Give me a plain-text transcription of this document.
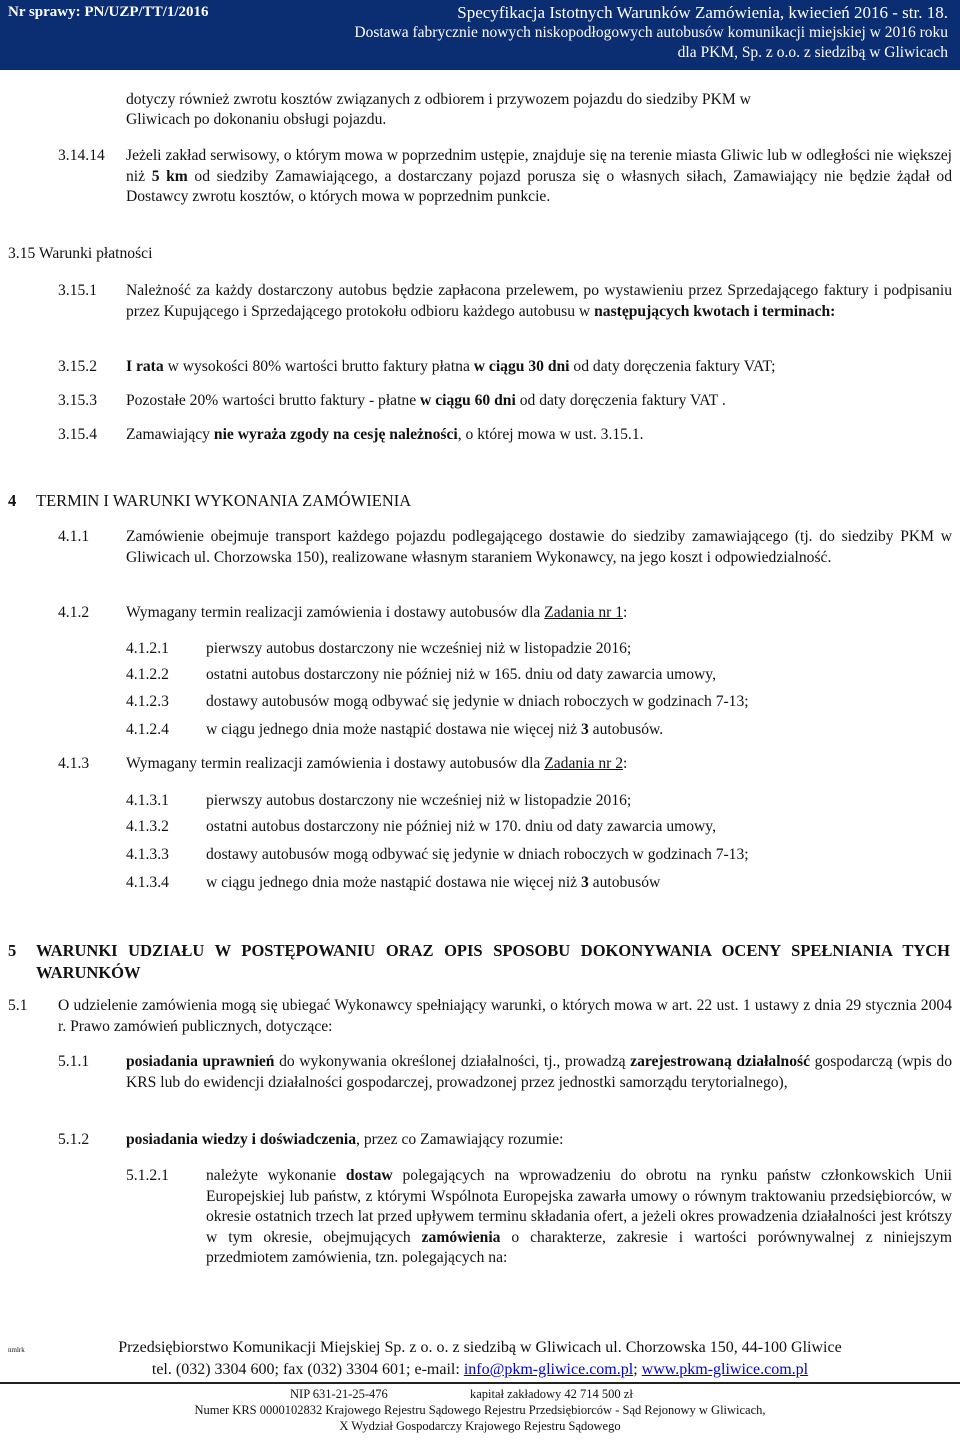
Nr sprawy: PN/UZP/TT/1/2016	Specyfikacja Istotnych Warunków Zamówienia, kwiecień 2016 - str. 18.
Dostawa fabrycznie nowych niskopodłogowych autobusów komunikacji miejskiej w 2016 roku
dla PKM, Sp. z o.o. z siedzibą w Gliwicach
dotyczy również zwrotu kosztów związanych z odbiorem i przywozem pojazdu do siedziby PKM w
Gliwicach po dokonaniu obsługi pojazdu.
3.14.14 Jeżeli zakład serwisowy, o którym mowa w poprzednim ustępie, znajduje się na terenie miasta Gliwic lub w odległości nie większej niż 5 km od siedziby Zamawiającego, a dostarczany pojazd porusza się o własnych siłach, Zamawiający nie będzie żądał od Dostawcy zwrotu kosztów, o których mowa w poprzednim punkcie.
3.15 Warunki płatności
3.15.1 Należność za każdy dostarczony autobus będzie zapłacona przelewem, po wystawieniu przez Sprzedającego faktury i podpisaniu przez Kupującego i Sprzedającego protokołu odbioru każdego autobusu w następujących kwotach i terminach:
3.15.2 I rata w wysokości 80% wartości brutto faktury płatna w ciągu 30 dni od daty doręczenia faktury VAT;
3.15.3 Pozostałe 20% wartości brutto faktury - płatne w ciągu 60 dni od daty doręczenia faktury VAT .
3.15.4 Zamawiający nie wyraża zgody na cesję należności, o której mowa w ust. 3.15.1.
4 TERMIN I WARUNKI WYKONANIA ZAMÓWIENIA
4.1.1 Zamówienie obejmuje transport każdego pojazdu podlegającego dostawie do siedziby zamawiającego (tj. do siedziby PKM w Gliwicach ul. Chorzowska 150), realizowane własnym staraniem Wykonawcy, na jego koszt i odpowiedzialność.
4.1.2 Wymagany termin realizacji zamówienia i dostawy autobusów dla Zadania nr 1:
4.1.2.1 pierwszy autobus dostarczony nie wcześniej niż w listopadzie 2016;
4.1.2.2 ostatni autobus dostarczony nie później niż w 165. dniu od daty zawarcia umowy,
4.1.2.3 dostawy autobusów mogą odbywać się jedynie w dniach roboczych w godzinach 7-13;
4.1.2.4 w ciągu jednego dnia może nastąpić dostawa nie więcej niż 3 autobusów.
4.1.3 Wymagany termin realizacji zamówienia i dostawy autobusów dla Zadania nr 2:
4.1.3.1 pierwszy autobus dostarczony nie wcześniej niż w listopadzie 2016;
4.1.3.2 ostatni autobus dostarczony nie później niż w 170. dniu od daty zawarcia umowy,
4.1.3.3 dostawy autobusów mogą odbywać się jedynie w dniach roboczych w godzinach 7-13;
4.1.3.4 w ciągu jednego dnia może nastąpić dostawa nie więcej niż 3 autobusów
5 WARUNKI UDZIAŁU W POSTĘPOWANIU ORAZ OPIS SPOSOBU DOKONYWANIA OCENY SPEŁNIANIA TYCH WARUNKÓW
5.1 O udzielenie zamówienia mogą się ubiegać Wykonawcy spełniający warunki, o których mowa w art. 22 ust. 1 ustawy z dnia 29 stycznia 2004 r. Prawo zamówień publicznych, dotyczące:
5.1.1 posiadania uprawnień do wykonywania określonej działalności, tj., prowadzą zarejestrowaną działalność gospodarczą (wpis do KRS lub do ewidencji działalności gospodarczej, prowadzonej przez jednostki samorządu terytorialnego),
5.1.2 posiadania wiedzy i doświadczenia, przez co Zamawiający rozumie:
5.1.2.1 należyte wykonanie dostaw polegających na wprowadzeniu do obrotu na rynku państw członkowskich Unii Europejskiej lub państw, z którymi Wspólnota Europejska zawarła umowy o równym traktowaniu przedsiębiorców, w okresie ostatnich trzech lat przed upływem terminu składania ofert, a jeżeli okres prowadzenia działalności jest krótszy w tym okresie, obejmujących zamówienia o charakterze, zakresie i wartości porównywalnej z niniejszym przedmiotem zamówienia, tzn. polegających na:
nmlrk	Przedsiębiorstwo Komunikacji Miejskiej Sp. z o. o. z siedzibą w Gliwicach ul. Chorzowska 150, 44-100 Gliwice
tel. (032) 3304 600; fax (032) 3304 601; e-mail: info@pkm-gliwice.com.pl; www.pkm-gliwice.com.pl
NIP 631-21-25-476	kapitał zakładowy 42 714 500 zł
Numer KRS 0000102832 Krajowego Rejestru Sądowego Rejestru Przedsiębiorców - Sąd Rejonowy w Gliwicach,
X Wydział Gospodarczy Krajowego Rejestru Sądowego
